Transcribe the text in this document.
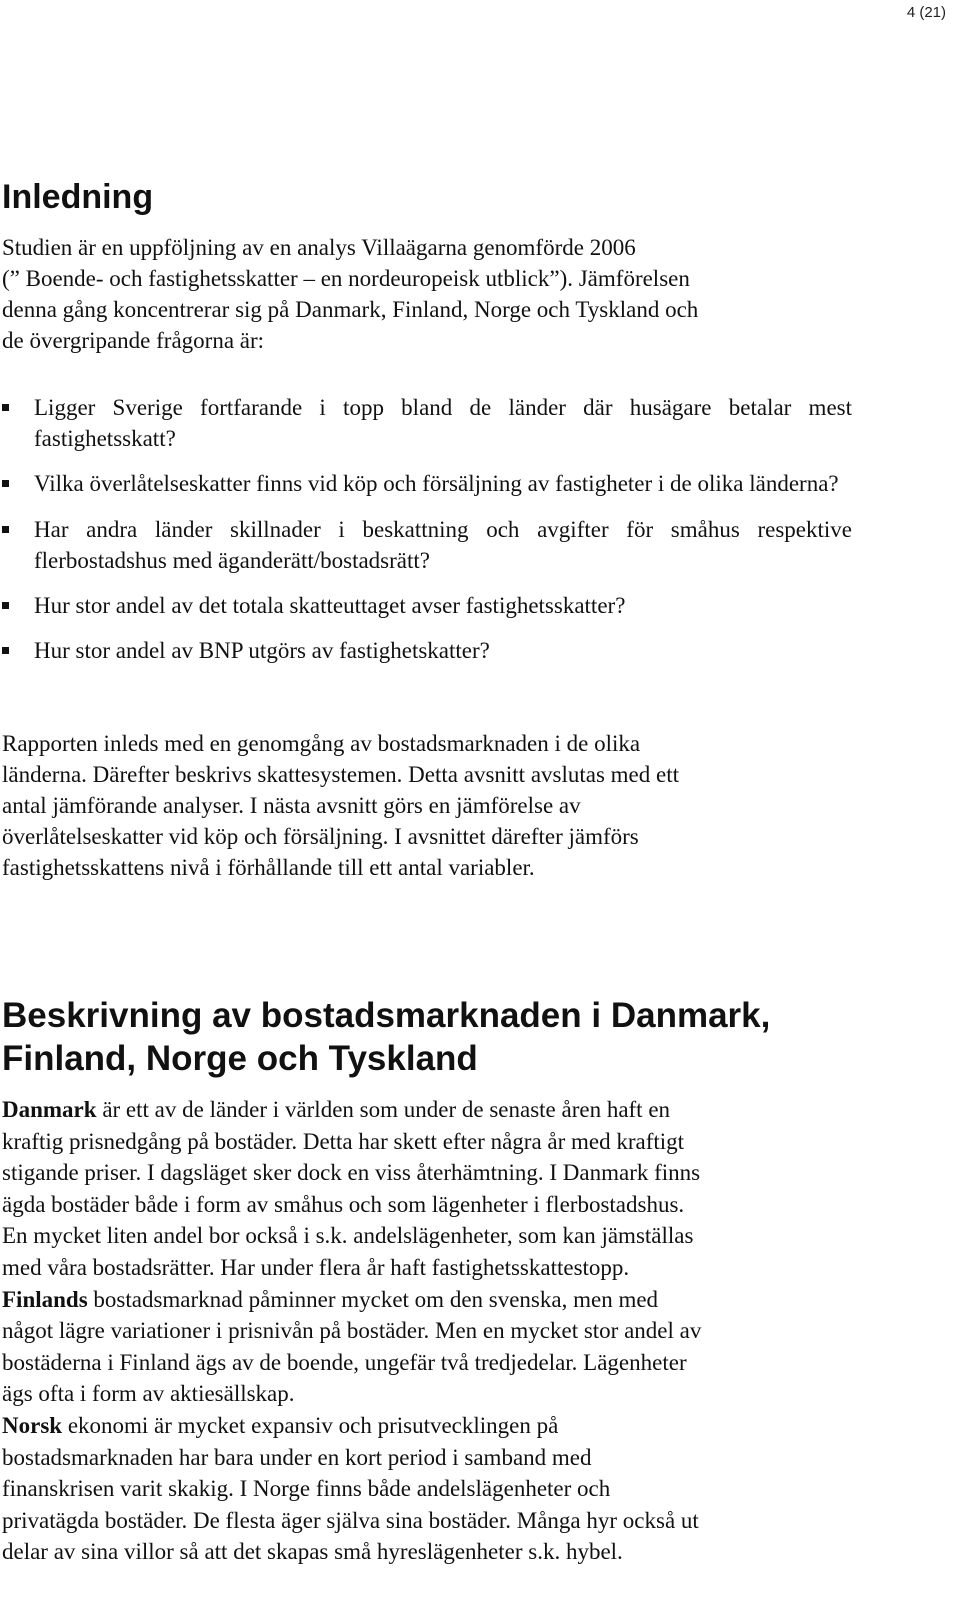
4 (21)
Inledning

Studien är en uppföljning av en analys Villaägarna genomförde 2006

(” Boende- och fastighetsskatter – en nordeuropeisk utblick”). Jämförelsen

denna gång koncentrerar sig på Danmark, Finland, Norge och Tyskland och

de övergripande frågorna är:

Ligger Sverige fortfarande i topp bland de länder där husägare betalar mest fastighetsskatt?
Vilka överlåtelseskatter finns vid köp och försäljning av fastigheter i de olika länderna?
Har andra länder skillnader i beskattning och avgifter för småhus respektive flerbostadshus med äganderätt/bostadsrätt?
Hur stor andel av det totala skatteuttaget avser fastighetsskatter?
Hur stor andel av BNP utgörs av fastighetskatter?

Rapporten inleds med en genomgång av bostadsmarknaden i de olika

länderna. Därefter beskrivs skattesystemen. Detta avsnitt avslutas med ett

antal jämförande analyser. I nästa avsnitt görs en jämförelse av

överlåtelseskatter vid köp och försäljning. I avsnittet därefter jämförs

fastighetsskattens nivå i förhållande till ett antal variabler.

Beskrivning av bostadsmarknaden i Danmark,
Finland, Norge och Tyskland

Danmark är ett av de länder i världen som under de senaste åren haft en

kraftig prisnedgång på bostäder. Detta har skett efter några år med kraftigt

stigande priser. I dagsläget sker dock en viss återhämtning. I Danmark finns

ägda bostäder både i form av småhus och som lägenheter i flerbostadshus.

En mycket liten andel bor också i s.k. andelslägenheter, som kan jämställas

med våra bostadsrätter. Har under flera år haft fastighetsskattestopp.

Finlands bostadsmarknad påminner mycket om den svenska, men med

något lägre variationer i prisnivån på bostäder. Men en mycket stor andel av

bostäderna i Finland ägs av de boende, ungefär två tredjedelar. Lägenheter

ägs ofta i form av aktiesällskap.

Norsk ekonomi är mycket expansiv och prisutvecklingen på

bostadsmarknaden har bara under en kort period i samband med

finanskrisen varit skakig. I Norge finns både andelslägenheter och

privatägda bostäder. De flesta äger själva sina bostäder. Många hyr också ut

delar av sina villor så att det skapas små hyreslägenheter s.k. hybel.
